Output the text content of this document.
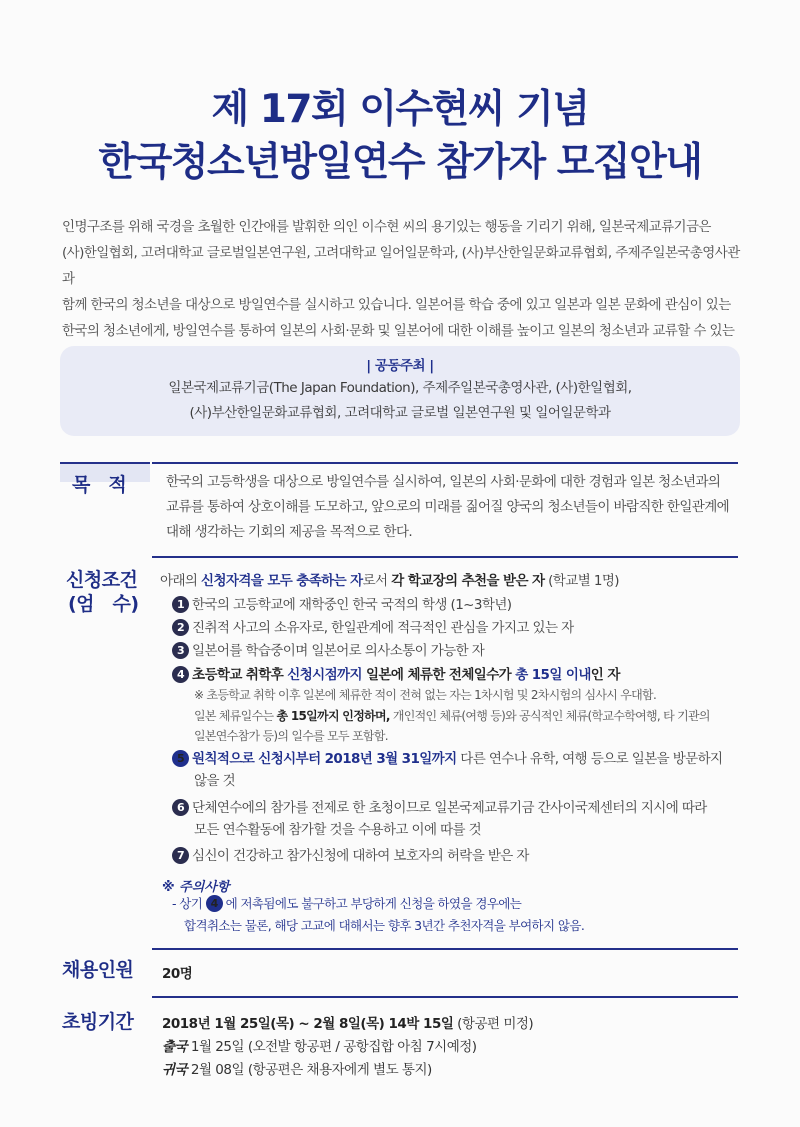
제 17회 이수현씨 기념
한국청소년방일연수 참가자 모집안내
인명구조를 위해 국경을 초월한 인간애를 발휘한 의인 이수현 씨의 용기있는 행동을 기리기 위해, 일본국제교류기금은
(사)한일협회, 고려대학교 글로벌일본연구원, 고려대학교 일어일문학과, (사)부산한일문화교류협회, 주제주일본국총영사관과
함께 한국의 청소년을 대상으로 방일연수를 실시하고 있습니다. 일본어를 학습 중에 있고 일본과 일본 문화에 관심이 있는
한국의 청소년에게, 방일연수를 통하여 일본의 사회·문화 및 일본어에 대한 이해를 높이고 일본의 청소년과 교류할 수 있는
| 공동주최 |
일본국제교류기금(The Japan Foundation), 주제주일본국총영사관, (사)한일협회,
(사)부산한일문화교류협회, 고려대학교 글로벌 일본연구원 및 일어일문학과
목　적	한국의 고등학생을 대상으로 방일연수를 실시하여, 일본의 사회·문화에 대한 경험과 일본 청소년과의
교류를 통하여 상호이해를 도모하고, 앞으로의 미래를 짊어질 양국의 청소년들이 바람직한 한일관계에
대해 생각하는 기회의 제공을 목적으로 한다.
신청조건
(엄　수)
아래의 신청자격을 모두 충족하는 자로서 각 학교장의 추천을 받은 자 (학교별 1명)
1 한국의 고등학교에 재학중인 한국 국적의 학생 (1~3학년)
2 진취적 사고의 소유자로, 한일관계에 적극적인 관심을 가지고 있는 자
3 일본어를 학습중이며 일본어로 의사소통이 가능한 자
4 초등학교 취학후 신청시점까지 일본에 체류한 전체일수가 총 15일 이내인 자
※ 초등학교 취학 이후 일본에 체류한 적이 전혀 없는 자는 1차시험 및 2차시험의 심사시 우대함.
일본 체류일수는 총 15일까지 인정하며, 개인적인 체류(여행 등)와 공식적인 체류(학교수학여행, 타 기관의
일본연수참가 등)의 일수를 모두 포함함.
5 원칙적으로 신청시부터 2018년 3월 31일까지 다른 연수나 유학, 여행 등으로 일본을 방문하지
않을 것
6 단체연수에의 참가를 전제로 한 초청이므로 일본국제교류기금 간사이국제센터의 지시에 따라
모든 연수활동에 참가할 것을 수용하고 이에 따를 것
7 심신이 건강하고 참가신청에 대하여 보호자의 허락을 받은 자
※ 주의사항
- 상기 4 에 저촉됨에도 불구하고 부당하게 신청을 하였을 경우에는
합격취소는 물론, 해당 고교에 대해서는 향후 3년간 추천자격을 부여하지 않음.
채용인원 20명
초빙기간 2018년 1월 25일(목) ~ 2월 8일(목) 14박 15일 (항공편 미정)
출국 1월 25일 (오전발 항공편 / 공항집합 아침 7시예정)
귀국 2월 08일 (항공편은 채용자에게 별도 통지)
